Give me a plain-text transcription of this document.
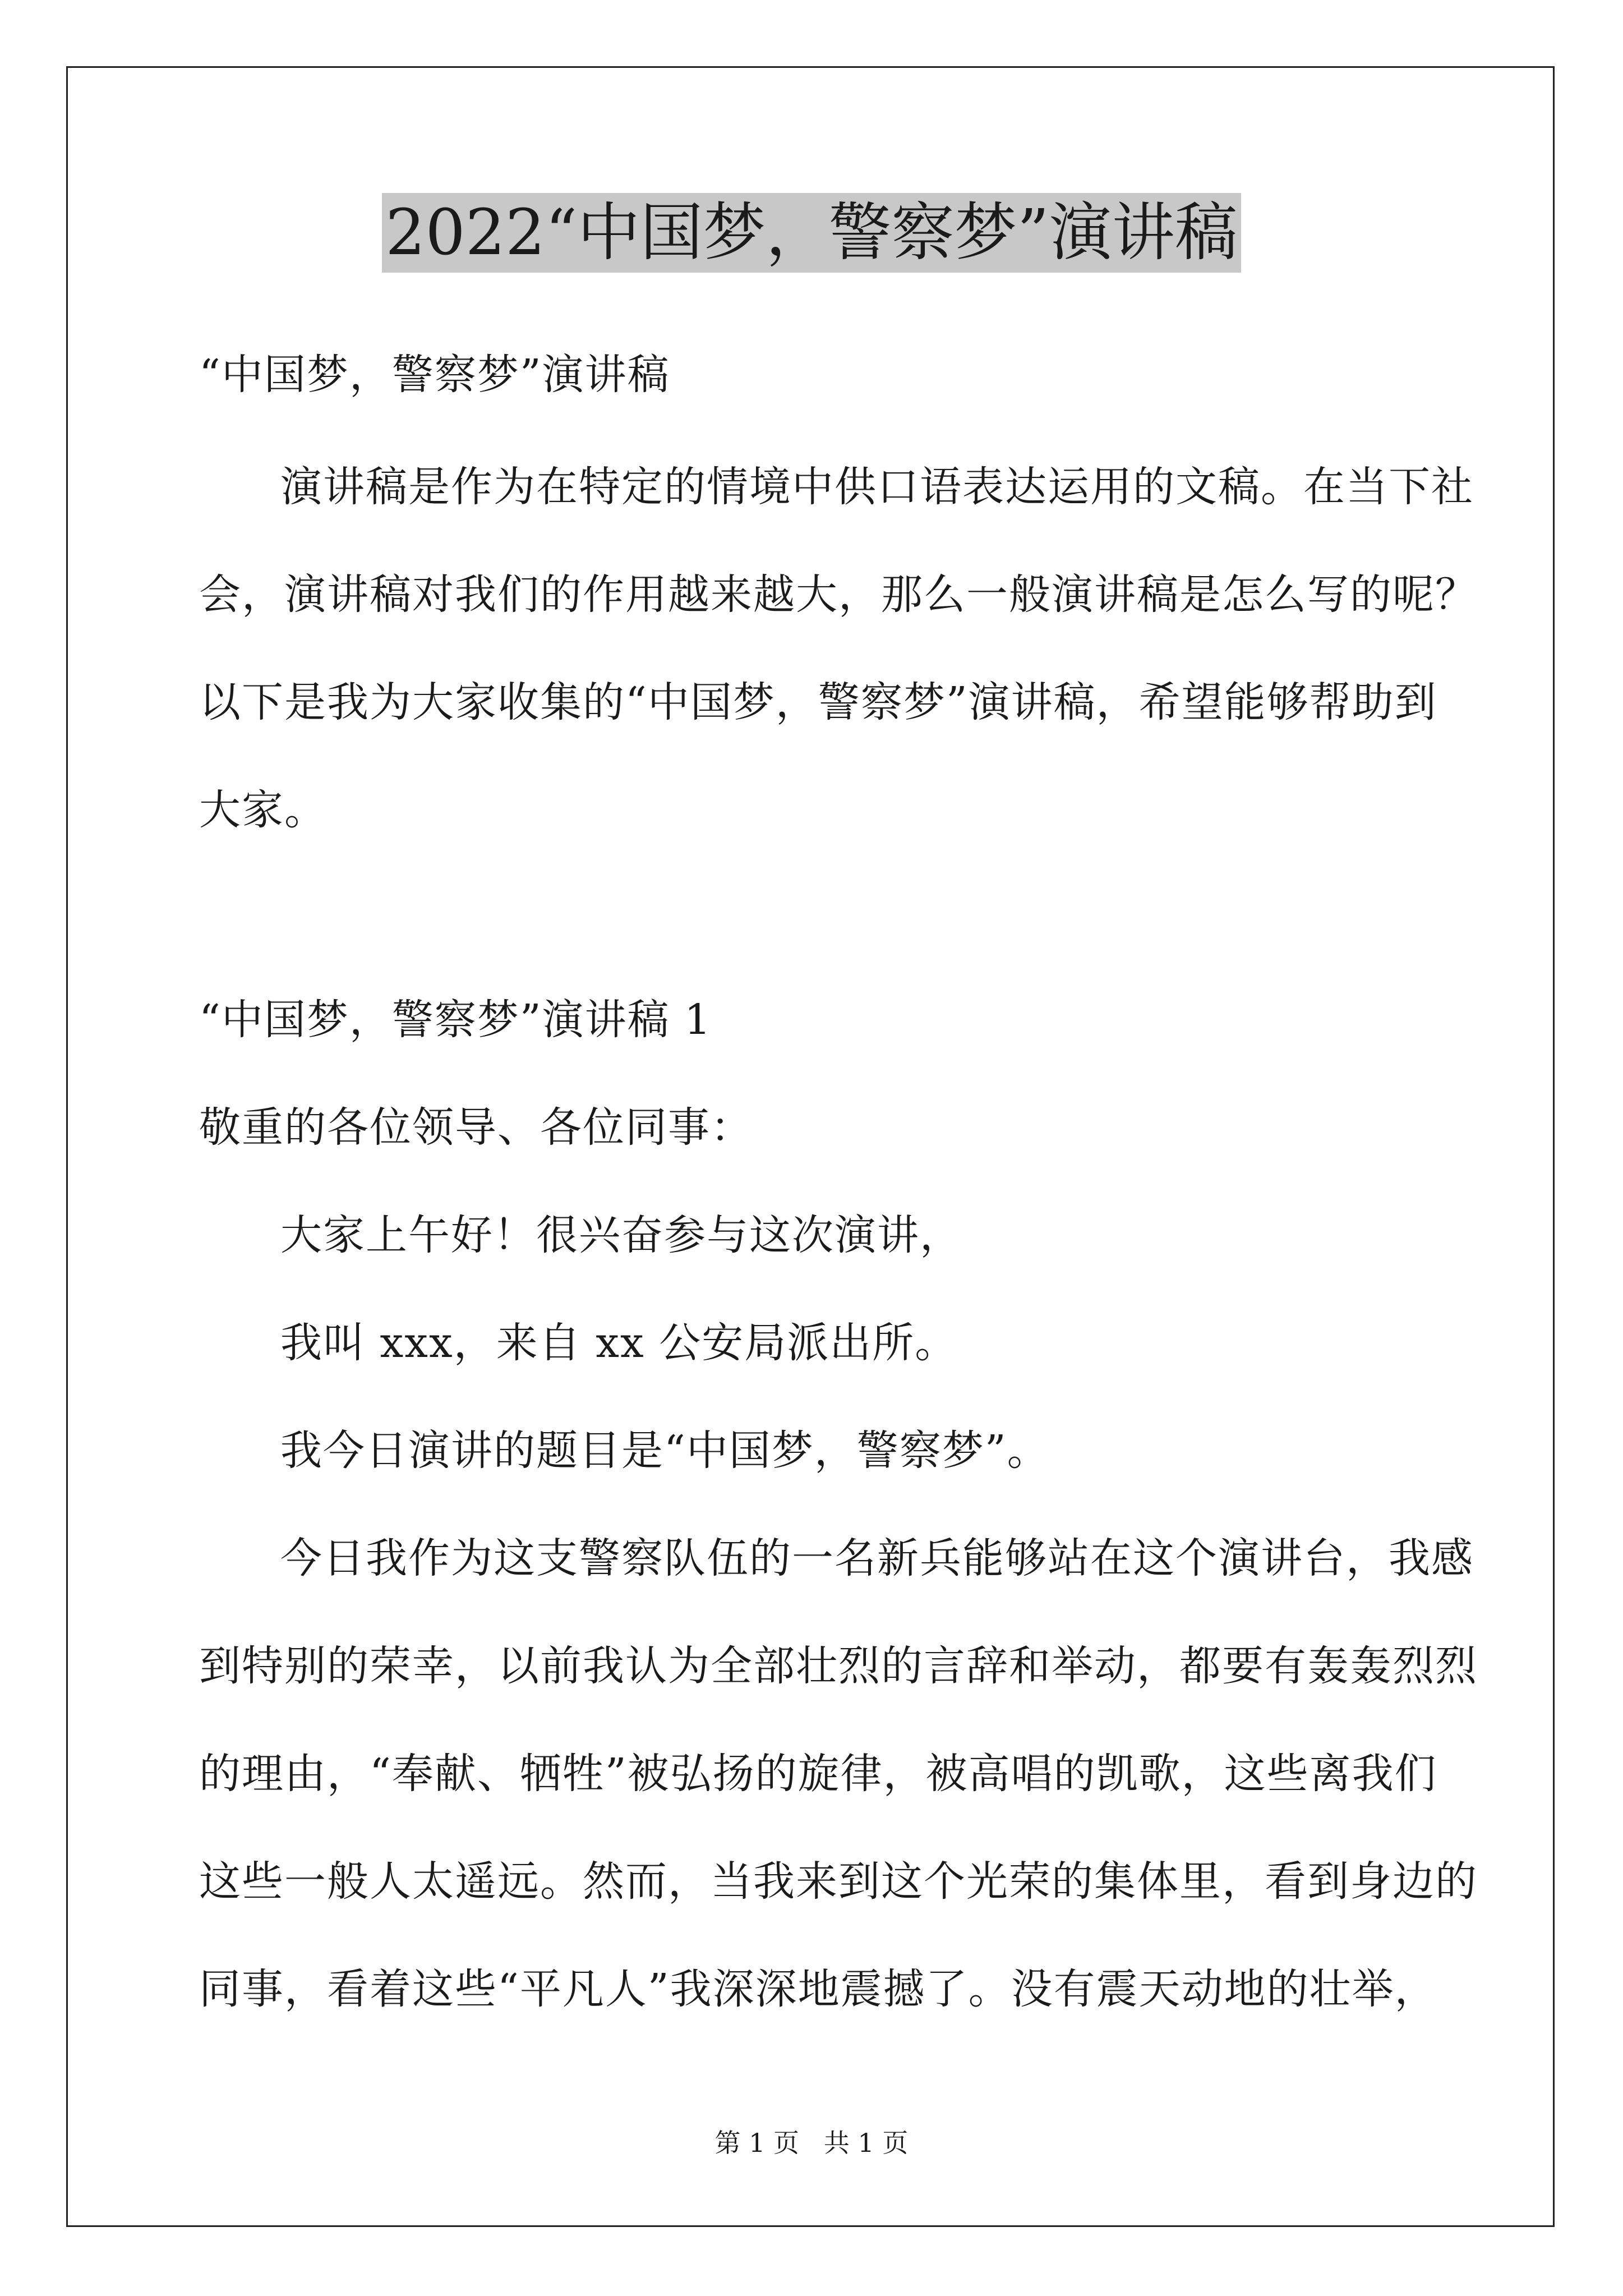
2022“中国梦，警察梦”演讲稿

“中国梦，警察梦”演讲稿

演讲稿是作为在特定的情境中供口语表达运用的文稿。在当下社

会，演讲稿对我们的作用越来越大，那么一般演讲稿是怎么写的呢？

以下是我为大家收集的“中国梦，警察梦”演讲稿，希望能够帮助到

大家。

“中国梦，警察梦”演讲稿 1

敬重的各位领导、各位同事：

大家上午好！很兴奋参与这次演讲，

我叫 xxx，来自 xx 公安局派出所。

我今日演讲的题目是“中国梦，警察梦”。

今日我作为这支警察队伍的一名新兵能够站在这个演讲台，我感

到特别的荣幸，以前我认为全部壮烈的言辞和举动，都要有轰轰烈烈

的理由，“奉献、牺牲”被弘扬的旋律，被高唱的凯歌，这些离我们

这些一般人太遥远。然而，当我来到这个光荣的集体里，看到身边的

同事，看着这些“平凡人”我深深地震撼了。没有震天动地的壮举，

第 1 页   共 1 页
